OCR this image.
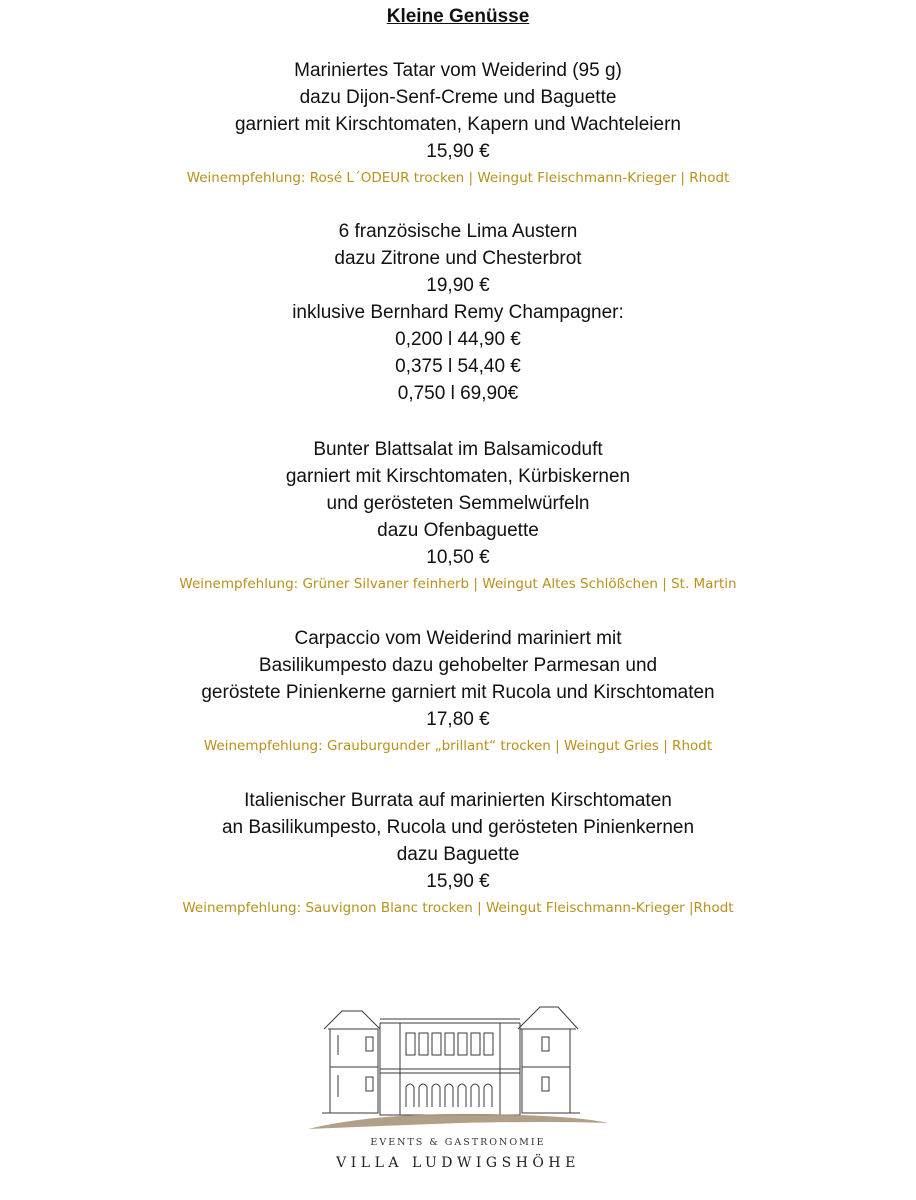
Kleine Genüsse
Mariniertes Tatar vom Weiderind (95 g)
dazu Dijon-Senf-Creme und Baguette
garniert mit Kirschtomaten, Kapern und Wachteleiern
15,90 €
Weinempfehlung: Rosé L´ODEUR trocken | Weingut Fleischmann-Krieger | Rhodt
6 französische Lima Austern
dazu Zitrone und Chesterbrot
19,90 €
inklusive Bernhard Remy Champagner:
0,200 l 44,90 €
0,375 l 54,40 €
0,750 l 69,90€
Bunter Blattsalat im Balsamicoduft
garniert mit Kirschtomaten, Kürbiskernen
und gerösteten Semmelwürfeln
dazu Ofenbaguette
10,50 €
Weinempfehlung: Grüner Silvaner feinherb | Weingut Altes Schlößchen | St. Martin
Carpaccio vom Weiderind mariniert mit
Basilikumpesto dazu gehobelter Parmesan und
geröstete Pinienkerne garniert mit Rucola und Kirschtomaten
17,80 €
Weinempfehlung: Grauburgunder „brillant“ trocken | Weingut Gries | Rhodt
Italienischer Burrata auf marinierten Kirschtomaten
an Basilikumpesto, Rucola und gerösteten Pinienkernen
dazu Baguette
15,90 €
Weinempfehlung: Sauvignon Blanc trocken | Weingut Fleischmann-Krieger |Rhodt
EVENTS & GASTRONOMIE
VILLA LUDWIGSHÖHE
